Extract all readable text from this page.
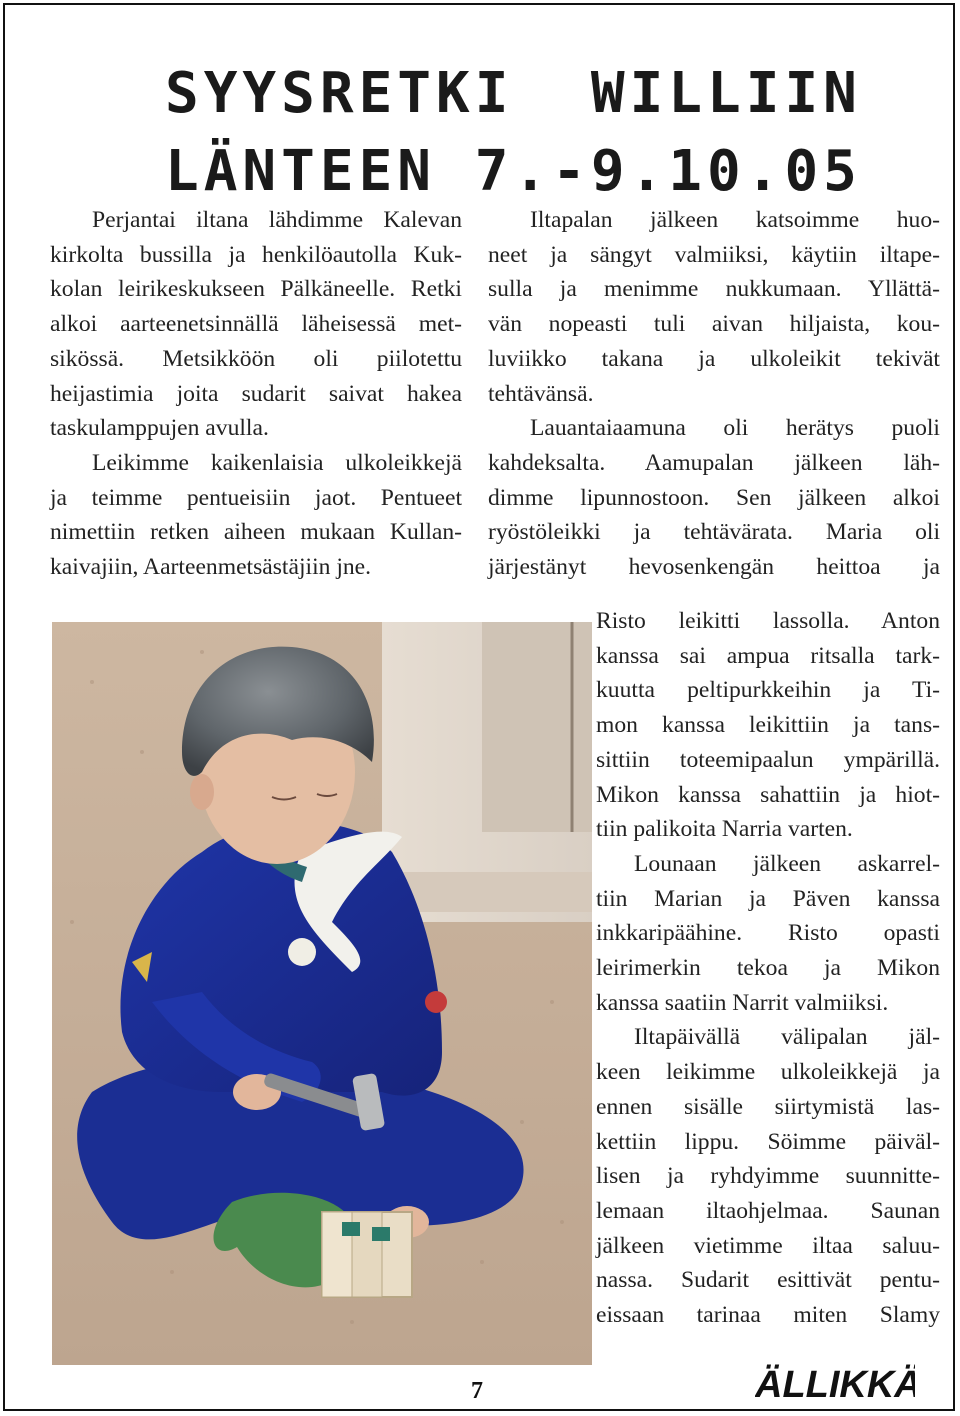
SYYSRETKI  WILLIIN
LÄNTEEN 7.-9.10.05
Perjantai iltana lähdimme Kalevan
kirkolta bussilla ja henkilöautolla Kuk-
kolan leirikeskukseen Pälkäneelle. Retki
alkoi aarteenetsinnällä läheisessä met-
sikössä. Metsikköön oli piilotettu
heijastimia joita sudarit saivat hakea
taskulamppujen avulla.
Leikimme kaikenlaisia ulkoleikkejä
ja teimme pentueisiin jaot. Pentueet
nimettiin retken aiheen mukaan Kullan-
kaivajiin, Aarteenmetsästäjiin jne.
Iltapalan jälkeen katsoimme huo-
neet ja sängyt valmiiksi, käytiin iltape-
sulla ja menimme nukkumaan. Yllättä-
vän nopeasti tuli aivan hiljaista, kou-
luviikko takana ja ulkoleikit tekivät
tehtävänsä.
Lauantaiaamuna oli herätys puoli
kahdeksalta. Aamupalan jälkeen läh-
dimme lipunnostoon. Sen jälkeen alkoi
ryöstöleikki ja tehtävärata. Maria oli
järjestänyt hevosenkengän heittoa ja
Risto leikitti lassolla. Anton
kanssa sai ampua ritsalla tark-
kuutta peltipurkkeihin ja Ti-
mon kanssa leikittiin ja tans-
sittiin toteemipaalun ympärillä.
Mikon kanssa sahattiin ja hiot-
tiin palikoita Narria varten.
Lounaan jälkeen askarrel-
tiin Marian ja Päven kanssa
inkkaripäähine. Risto opasti
leirimerkin tekoa ja Mikon
kanssa saatiin Narrit valmiiksi.
Iltapäivällä välipalan jäl-
keen leikimme ulkoleikkejä ja
ennen sisälle siirtymistä las-
kettiin lippu. Söimme päiväl-
lisen ja ryhdyimme suunnitte-
lemaan iltaohjelmaa. Saunan
jälkeen vietimme iltaa saluu-
nassa. Sudarit esittivät pentu-
eissaan tarinaa miten Slamy
7	ÄLLIKKÄ
